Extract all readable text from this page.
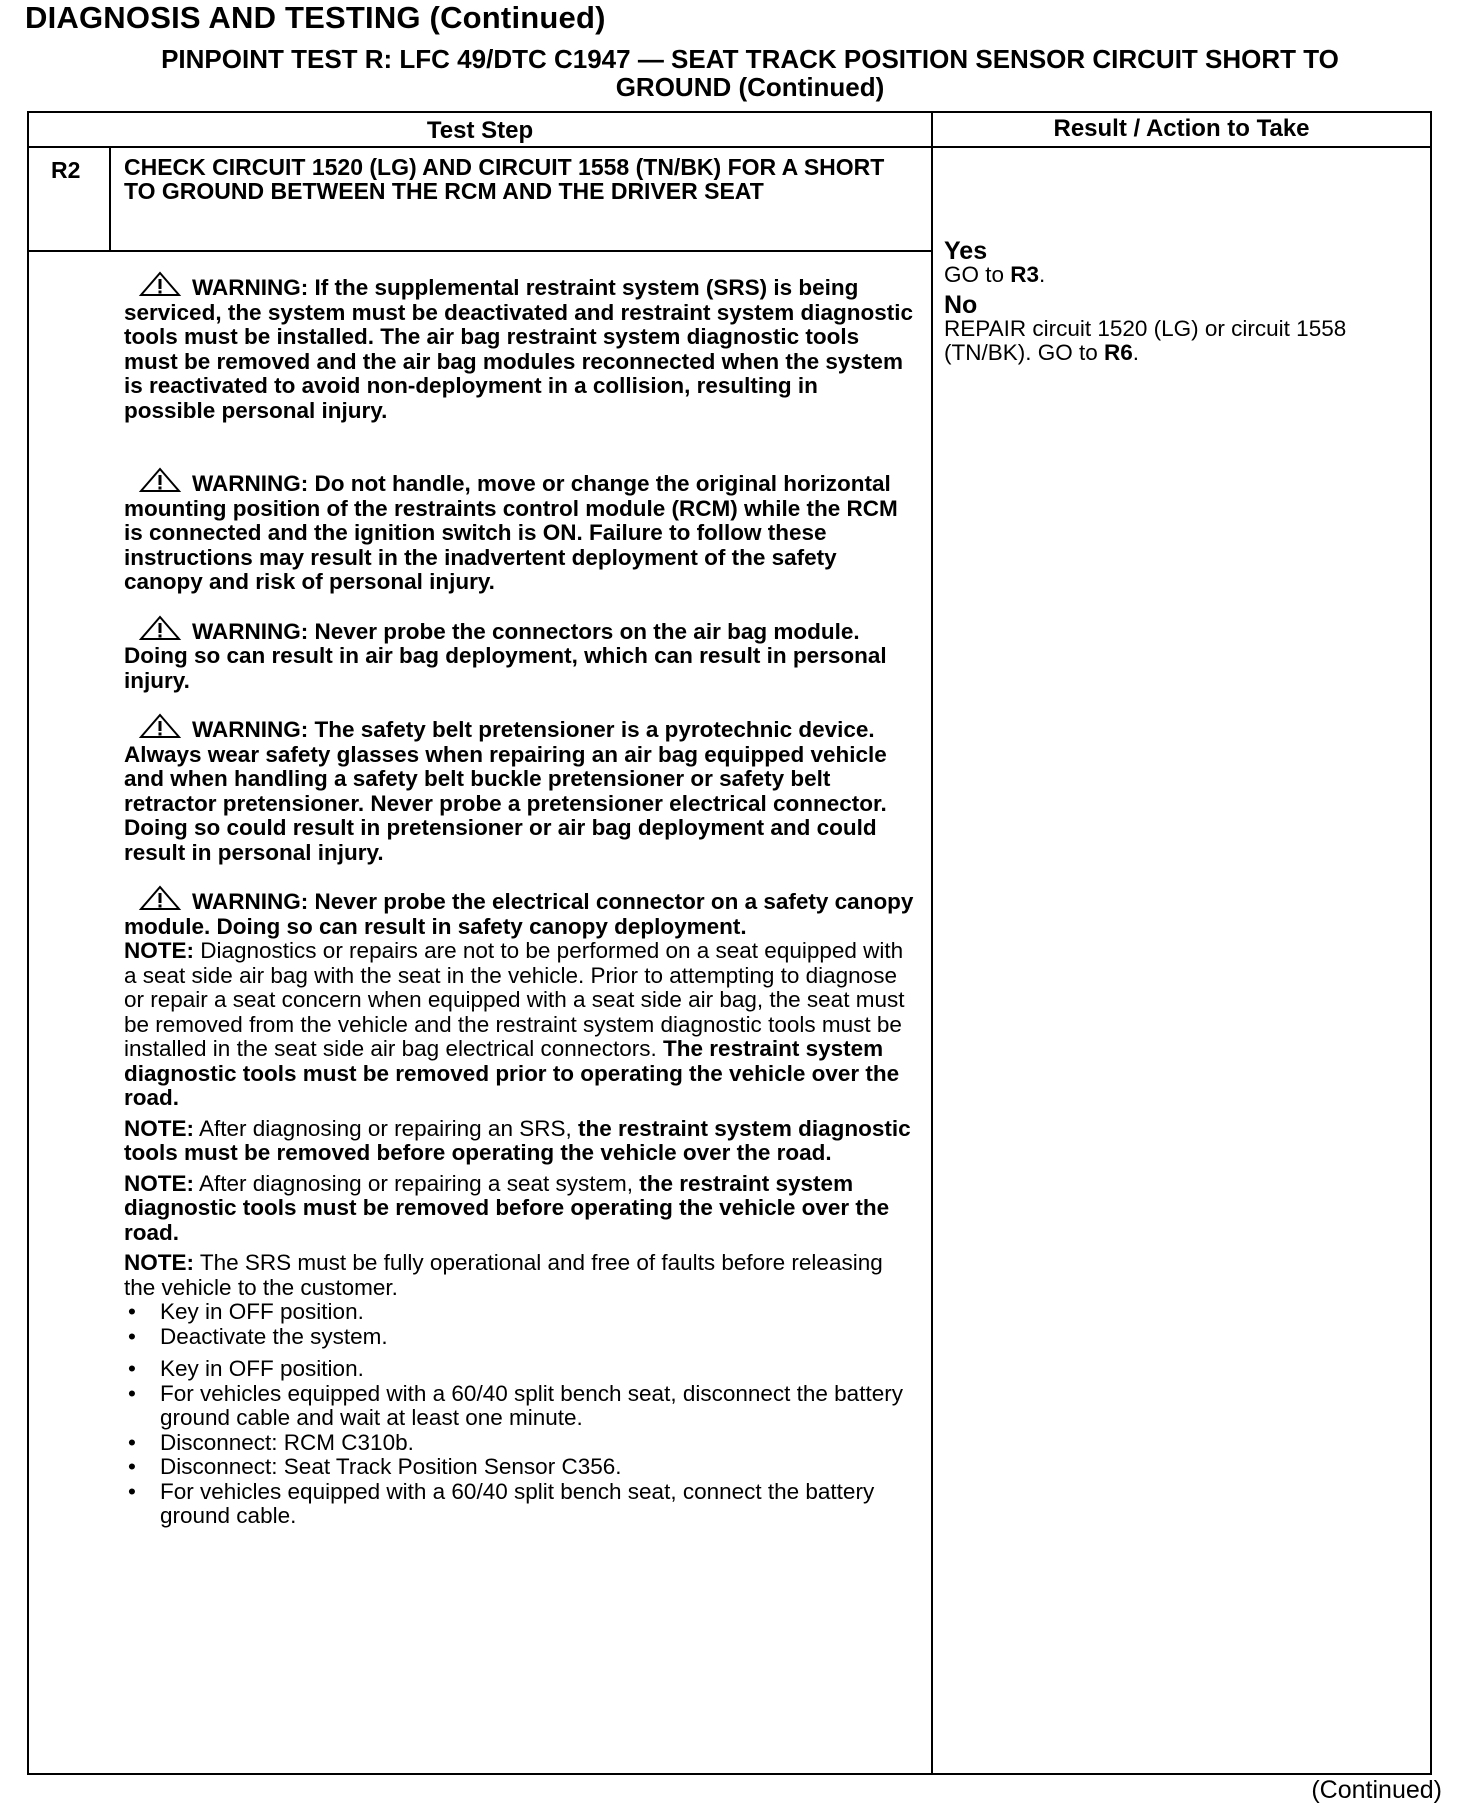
DIAGNOSIS AND TESTING (Continued)
PINPOINT TEST R: LFC 49/DTC C1947 — SEAT TRACK POSITION SENSOR CIRCUIT SHORT TO
GROUND (Continued)
Test Step	Result / Action to Take
R2 CHECK CIRCUIT 1520 (LG) AND CIRCUIT 1558 (TN/BK) FOR A SHORT TO GROUND BETWEEN THE RCM AND THE DRIVER SEAT

WARNING: If the supplemental restraint system (SRS) is being serviced, the system must be deactivated and restraint system diagnostic tools must be installed. The air bag restraint system diagnostic tools must be removed and the air bag modules reconnected when the system is reactivated to avoid non-deployment in a collision, resulting in possible personal injury.

WARNING: Do not handle, move or change the original horizontal mounting position of the restraints control module (RCM) while the RCM is connected and the ignition switch is ON. Failure to follow these instructions may result in the inadvertent deployment of the safety canopy and risk of personal injury.

WARNING: Never probe the connectors on the air bag module. Doing so can result in air bag deployment, which can result in personal injury.

WARNING: The safety belt pretensioner is a pyrotechnic device. Always wear safety glasses when repairing an air bag equipped vehicle and when handling a safety belt buckle pretensioner or safety belt retractor pretensioner. Never probe a pretensioner electrical connector. Doing so could result in pretensioner or air bag deployment and could result in personal injury.

WARNING: Never probe the electrical connector on a safety canopy module. Doing so can result in safety canopy deployment.

NOTE: Diagnostics or repairs are not to be performed on a seat equipped with a seat side air bag with the seat in the vehicle. Prior to attempting to diagnose or repair a seat concern when equipped with a seat side air bag, the seat must be removed from the vehicle and the restraint system diagnostic tools must be installed in the seat side air bag electrical connectors. The restraint system diagnostic tools must be removed prior to operating the vehicle over the road.

NOTE: After diagnosing or repairing an SRS, the restraint system diagnostic tools must be removed before operating the vehicle over the road.

NOTE: After diagnosing or repairing a seat system, the restraint system diagnostic tools must be removed before operating the vehicle over the road.

NOTE: The SRS must be fully operational and free of faults before releasing the vehicle to the customer.

• Key in OFF position.
• Deactivate the system.
• Key in OFF position.
• For vehicles equipped with a 60/40 split bench seat, disconnect the battery ground cable and wait at least one minute.
• Disconnect: RCM C310b.
• Disconnect: Seat Track Position Sensor C356.
• For vehicles equipped with a 60/40 split bench seat, connect the battery ground cable.
Yes
GO to R3.
No
REPAIR circuit 1520 (LG) or circuit 1558 (TN/BK). GO to R6.
(Continued)
